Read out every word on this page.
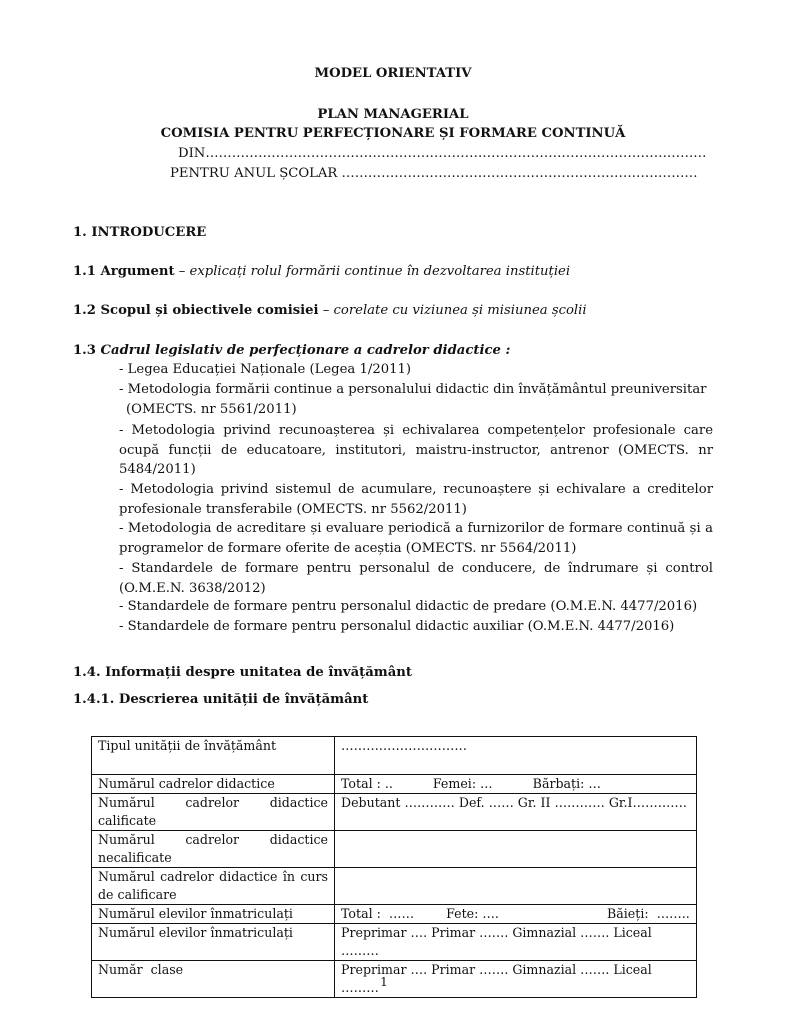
MODEL ORIENTATIV
PLAN MANAGERIAL
COMISIA PENTRU PERFECȚIONARE ȘI FORMARE CONTINUĂ
DIN……………………………………………………………………………………………………
PENTRU ANUL ȘCOLAR ………………………………………………………………………
1. INTRODUCERE
1.1 Argument – explicați rolul formării continue în dezvoltarea instituției
1.2 Scopul și obiectivele comisiei – corelate cu viziunea și misiunea școlii
1.3 Cadrul legislativ de perfecționare a cadrelor didactice :
- Legea Educației Naționale (Legea 1/2011)
- Metodologia formării continue a personalului didactic din învățământul preuniversitar
(OMECTS. nr 5561/2011)
- Metodologia privind recunoașterea și echivalarea competențelor profesionale care ocupă funcții de educatoare, institutori, maistru-instructor, antrenor (OMECTS. nr 5484/2011)
- Metodologia privind sistemul de acumulare, recunoaștere și echivalare a creditelor profesionale transferabile (OMECTS. nr 5562/2011)
- Metodologia de acreditare și evaluare periodică a furnizorilor de formare continuă și a programelor de formare oferite de aceștia (OMECTS. nr 5564/2011)
- Standardele de formare pentru personalul de conducere, de îndrumare și control (O.M.E.N. 3638/2012)
- Standardele de formare pentru personalul didactic de predare (O.M.E.N. 4477/2016)
- Standardele de formare pentru personalul didactic auxiliar (O.M.E.N. 4477/2016)
1.4. Informații despre unitatea de învățământ
1.4.1. Descrierea unității de învățământ
Tipul unității de învățământ	…………………………
Numărul cadrelor didactice	Total : ..          Femei: …          Bărbați: …
Numărul cadrelor didactice calificate	Debutant ………… Def. …… Gr. II ………… Gr.I………….
Numărul cadrelor didactice necalificate	
Numărul cadrelor didactice în curs de calificare	
Numărul elevilor înmatriculați	Total :  ……        Fete: ….                           Băieți:  ……..
Numărul elevilor înmatriculați	Preprimar …. Primar ……. Gimnazial ……. Liceal ………
Număr  clase	Preprimar …. Primar ……. Gimnazial ……. Liceal ……… 1
